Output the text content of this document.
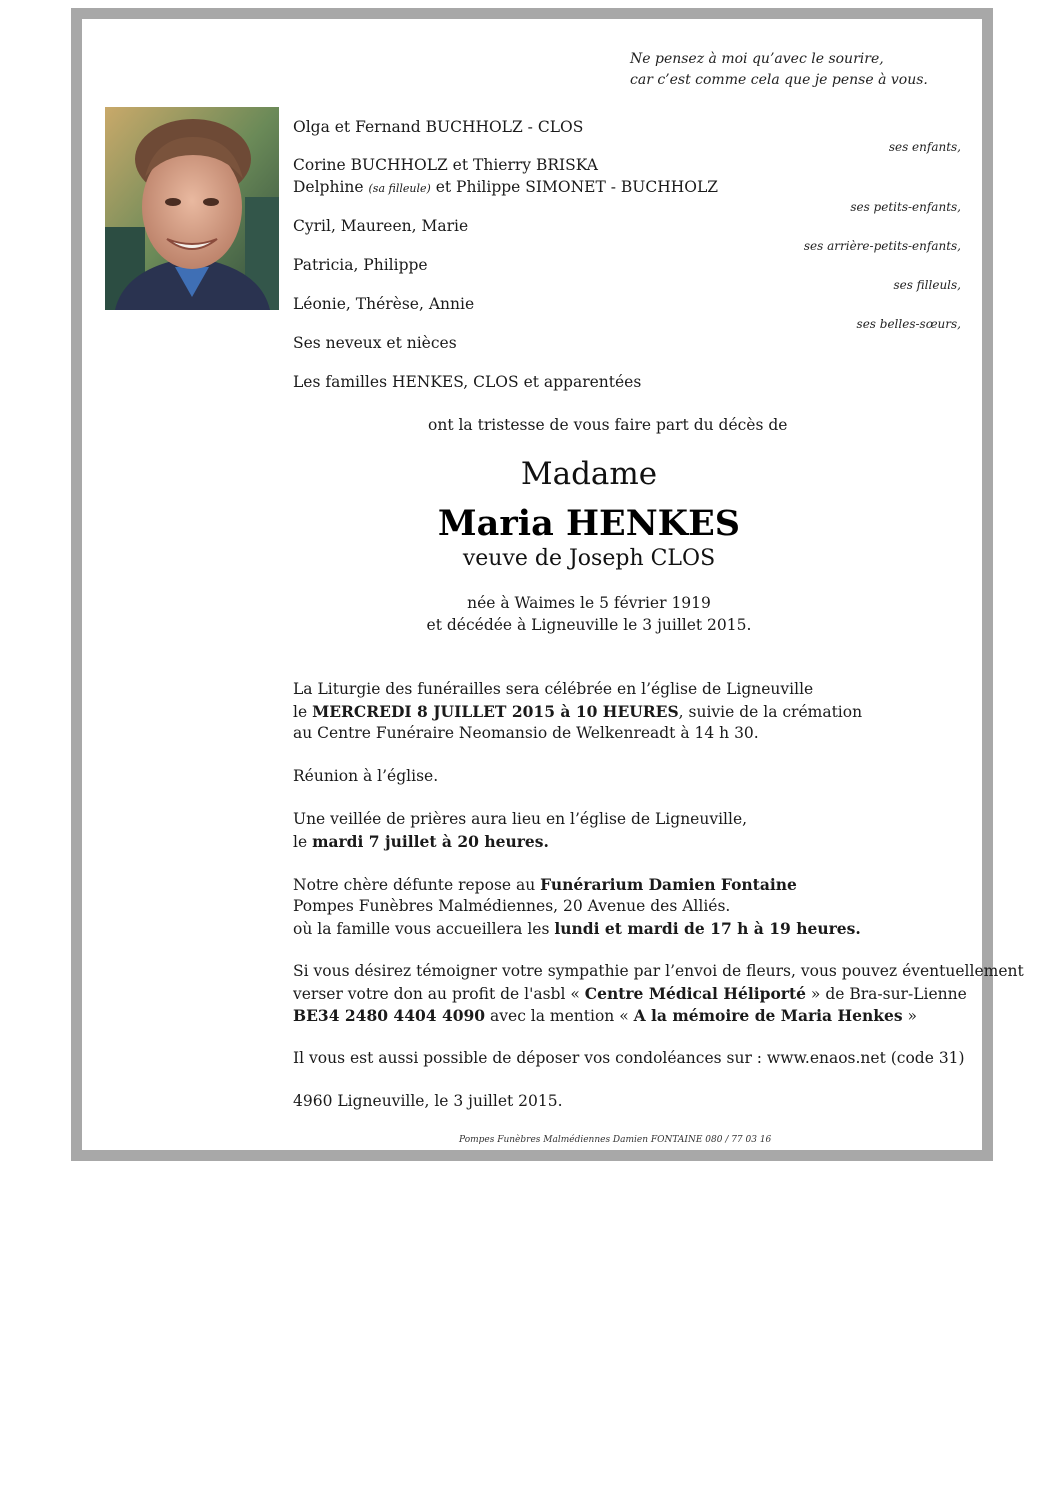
Ne pensez à moi qu’avec le sourire,
car c’est comme cela que je pense à vous.
Olga et Fernand BUCHHOLZ - CLOS
ses enfants,
Corine BUCHHOLZ et Thierry BRISKA
Delphine (sa filleule) et Philippe SIMONET - BUCHHOLZ
ses petits-enfants,
Cyril, Maureen, Marie
ses arrière-petits-enfants,
Patricia, Philippe
ses filleuls,
Léonie, Thérèse, Annie
ses belles-sœurs,
Ses neveux et nièces
Les familles HENKES, CLOS et apparentées
ont la tristesse de vous faire part du décès de
Madame
Maria HENKES
veuve de Joseph CLOS
née à Waimes le 5 février 1919
et décédée à Ligneuville le 3 juillet 2015.
La Liturgie des funérailles sera célébrée en l’église de Ligneuville
le MERCREDI 8 JUILLET 2015 à 10 HEURES, suivie de la crémation
au Centre Funéraire Neomansio de Welkenreadt à 14 h 30.
Réunion à l’église.
Une veillée de prières aura lieu en l’église de Ligneuville,
le mardi 7 juillet à 20 heures.
Notre chère défunte repose au Funérarium Damien Fontaine
Pompes Funèbres Malmédiennes, 20 Avenue des Alliés.
où la famille vous accueillera les lundi et mardi de 17 h à 19 heures.
Si vous désirez témoigner votre sympathie par l’envoi de fleurs, vous pouvez éventuellement
verser votre don au profit de l'asbl « Centre Médical Héliporté » de Bra-sur-Lienne
BE34 2480 4404 4090 avec la mention « A la mémoire de Maria Henkes »
Il vous est aussi possible de déposer vos condoléances sur : www.enaos.net (code 31)
4960 Ligneuville, le 3 juillet 2015.
Pompes Funèbres Malmédiennes Damien FONTAINE 080 / 77 03 16
